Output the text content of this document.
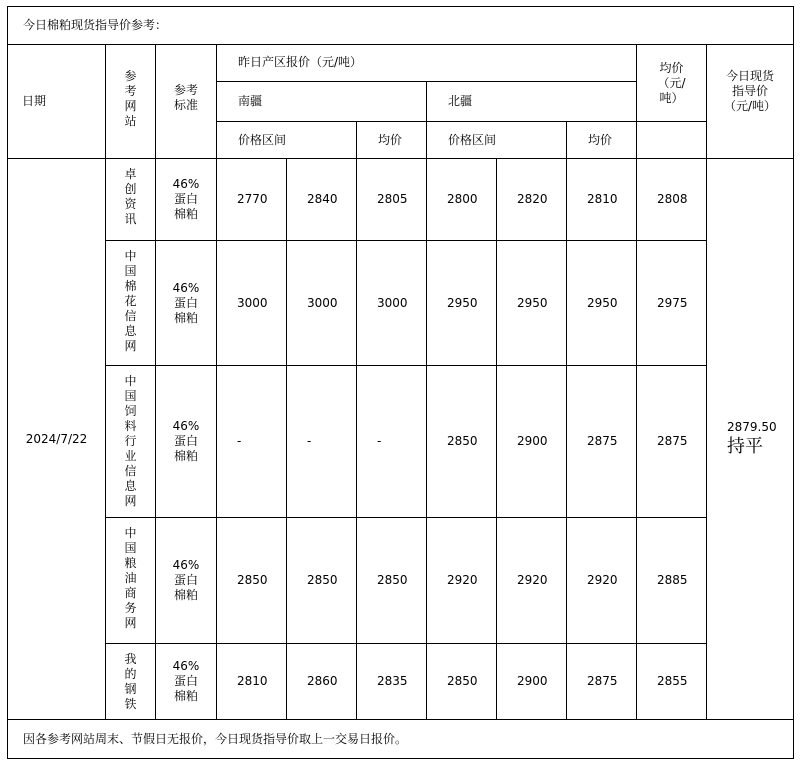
今日棉粕现货指导价参考：										
日期	参考网站	参考标准	昨日产区报价（元/吨）						均价（元/吨）	今日现货指导价（元/吨）

			南疆			北疆				
			价格区间		均价	价格区间		均价		
2024/7/22	卓创资讯	46%蛋白棉粕	2770	2840	2805	2800	2820	2810	2808	2879.50
持平

	中国棉花信息网	46%蛋白棉粕	3000	3000	3000	2950	2950	2950	2975	

	中国饲料行业信息网	46%蛋白棉粕	-	-	-	2850	2900	2875	2875	

	中国粮油商务网	46%蛋白棉粕	2850	2850	2850	2920	2920	2920	2885	

	我的钢铁	46%蛋白棉粕	2810	2860	2835	2850	2900	2875	2855	
因各参考网站周末、节假日无报价，今日现货指导价取上一交易日报价。										
